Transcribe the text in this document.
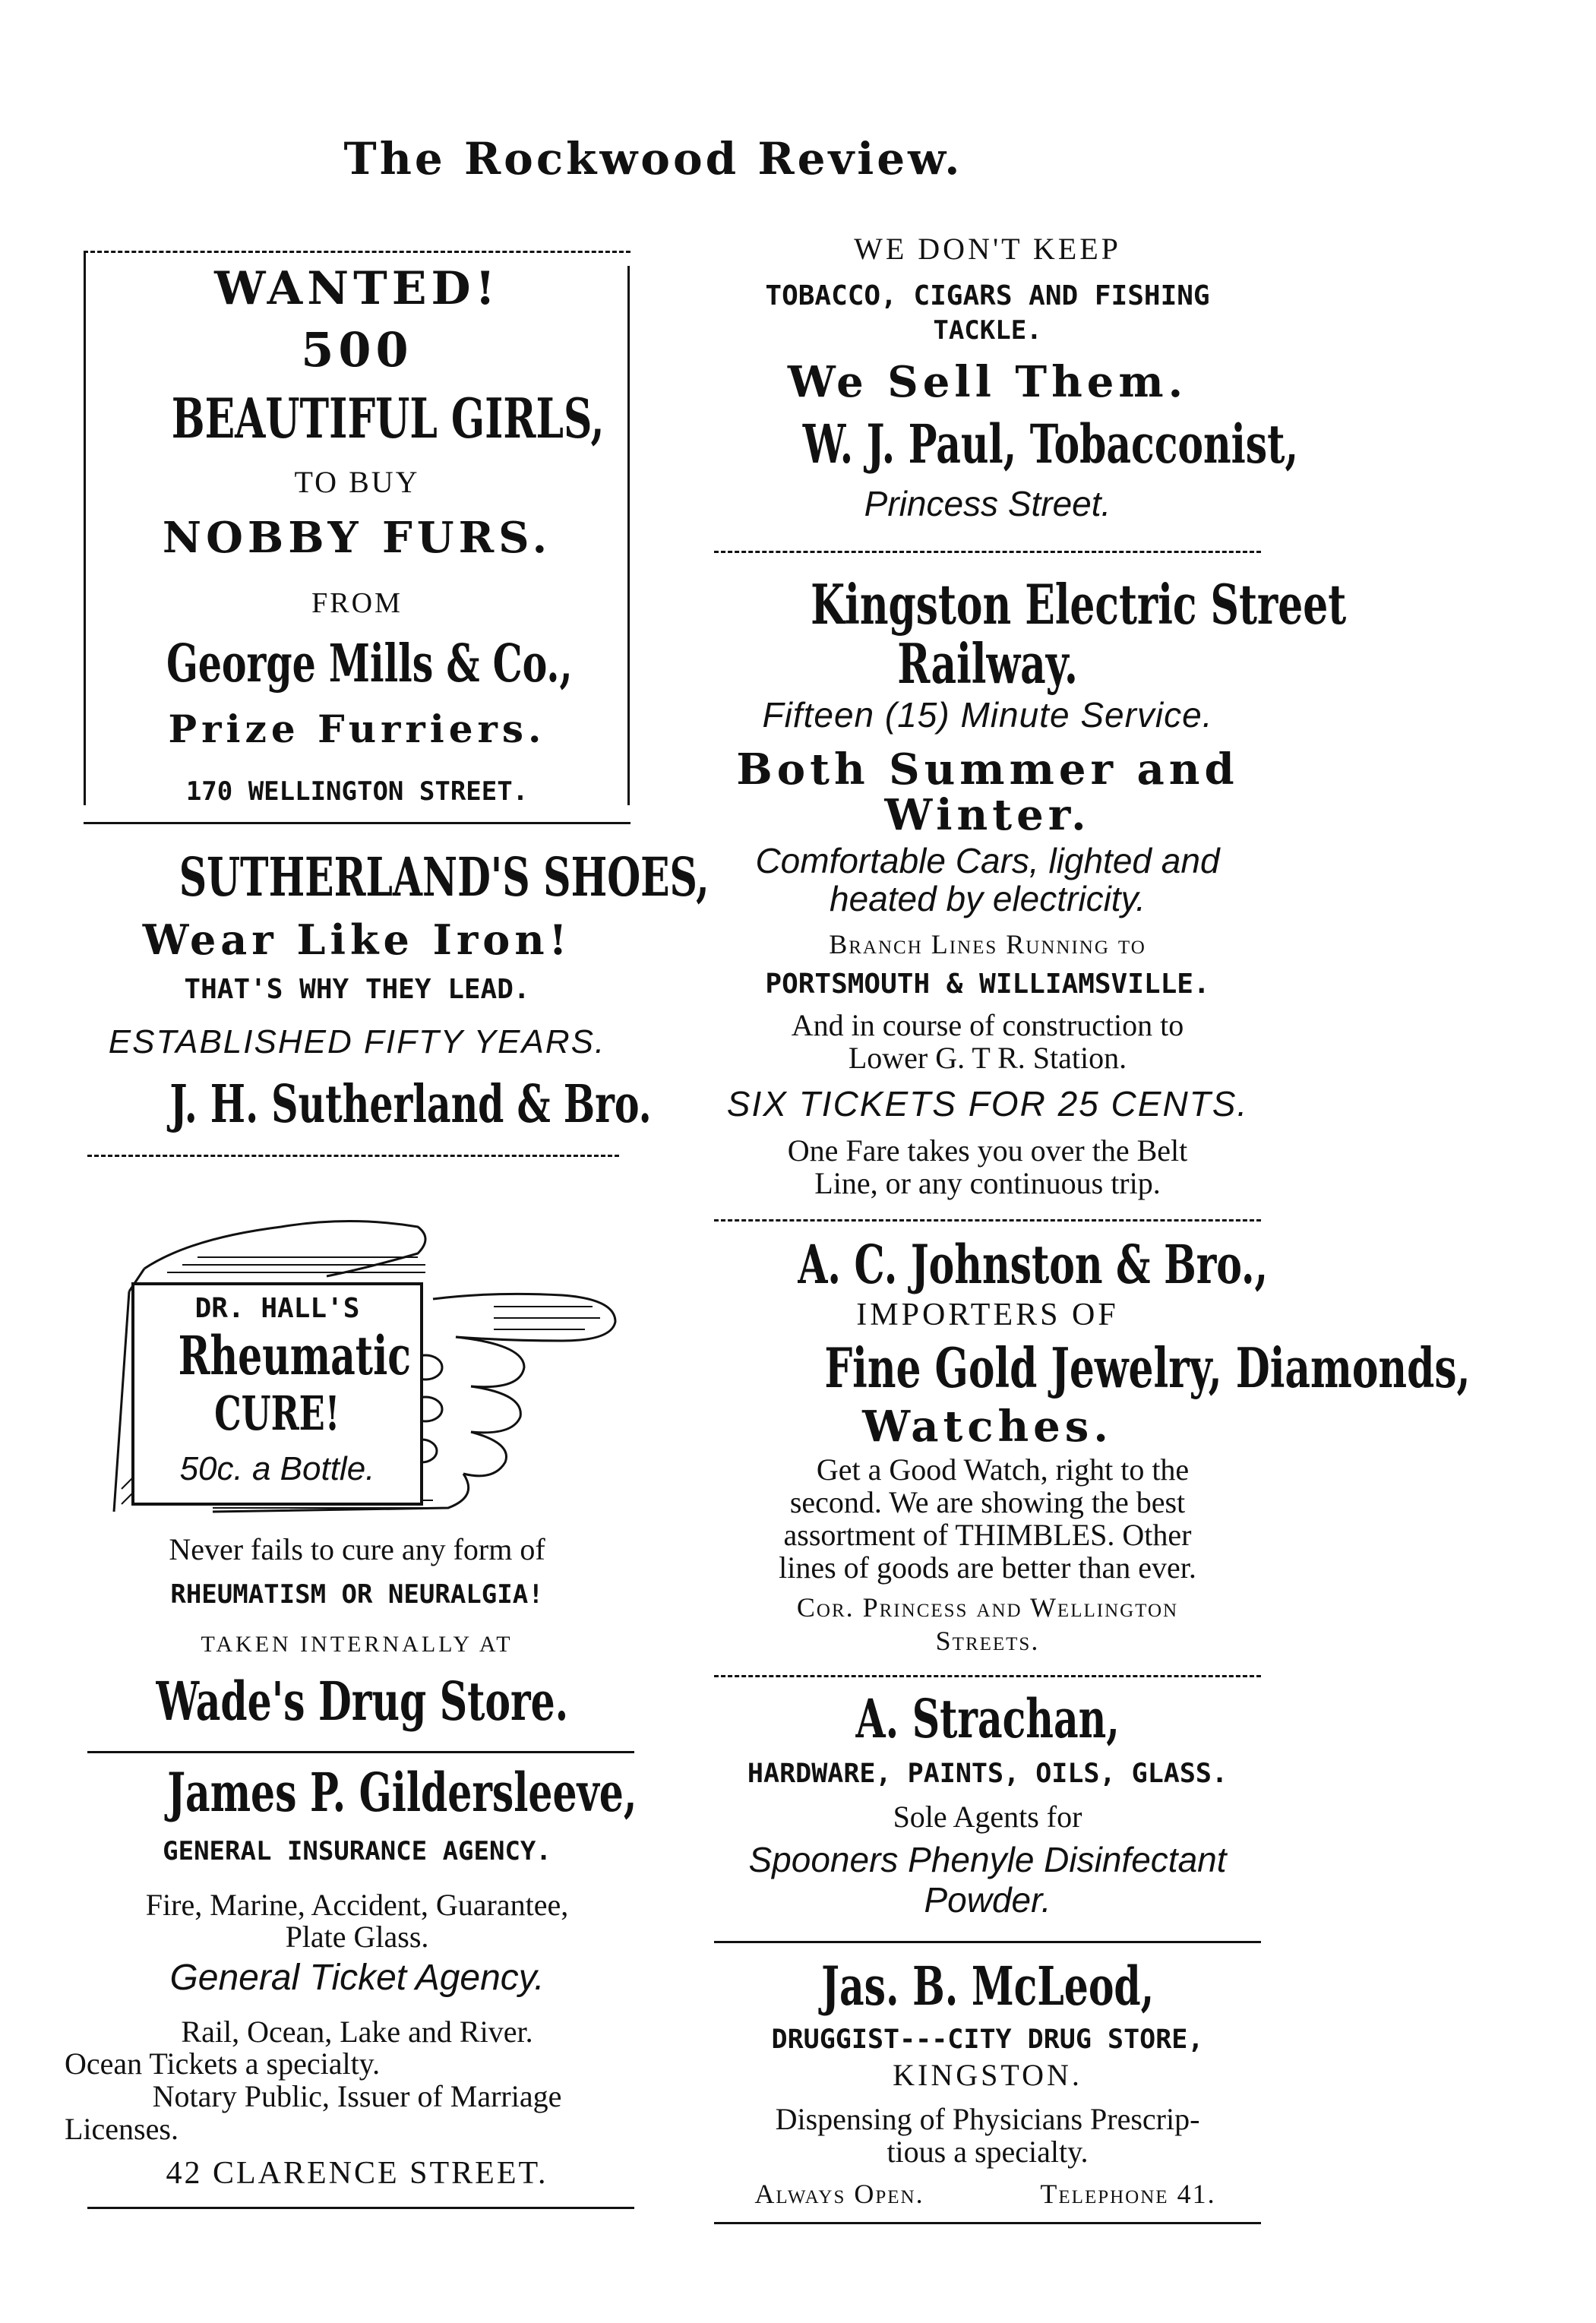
The Rockwood Review.
WANTED!
500
BEAUTIFUL GIRLS,
TO BUY
NOBBY FURS.
FROM
George Mills & Co.,
Prize Furriers.
170 WELLINGTON STREET.
SUTHERLAND'S SHOES,
Wear Like Iron!
THAT'S WHY THEY LEAD.
ESTABLISHED FIFTY YEARS.
J. H. Sutherland & Bro.
DR. HALL'S
Rheumatic
CURE!
50c. a Bottle.
Never fails to cure any form of
RHEUMATISM OR NEURALGIA!
TAKEN INTERNALLY AT
Wade's Drug Store.
James P. Gildersleeve,
GENERAL INSURANCE AGENCY.
Fire, Marine, Accident, Guarantee,
Plate Glass.
General Ticket Agency.
Rail, Ocean, Lake and River.
Ocean Tickets a specialty.
Notary Public, Issuer of Marriage
Licenses.
42 CLARENCE STREET.
WE DON'T KEEP
TOBACCO, CIGARS AND FISHING
TACKLE.
We Sell Them.
W. J. Paul, Tobacconist,
Princess Street.
Kingston Electric Street
Railway.
Fifteen (15) Minute Service.
Both Summer and
Winter.
Comfortable Cars, lighted and
heated by electricity.
Branch Lines Running to
PORTSMOUTH & WILLIAMSVILLE.
And in course of construction to
Lower G. T R. Station.
SIX TICKETS FOR 25 CENTS.
One Fare takes you over the Belt
Line, or any continuous trip.
A. C. Johnston & Bro.,
IMPORTERS OF
Fine Gold Jewelry, Diamonds,
Watches.
Get a Good Watch, right to the
second. We are showing the best
assortment of THIMBLES. Other
lines of goods are better than ever.
Cor. Princess and Wellington
Streets.
A. Strachan,
HARDWARE, PAINTS, OILS, GLASS.
Sole Agents for
Spooners Phenyle Disinfectant
Powder.
Jas. B. McLeod,
DRUGGIST---CITY DRUG STORE,
KINGSTON.
Dispensing of Physicians Prescrip-
tious a specialty.
Always Open.	Telephone 41.
